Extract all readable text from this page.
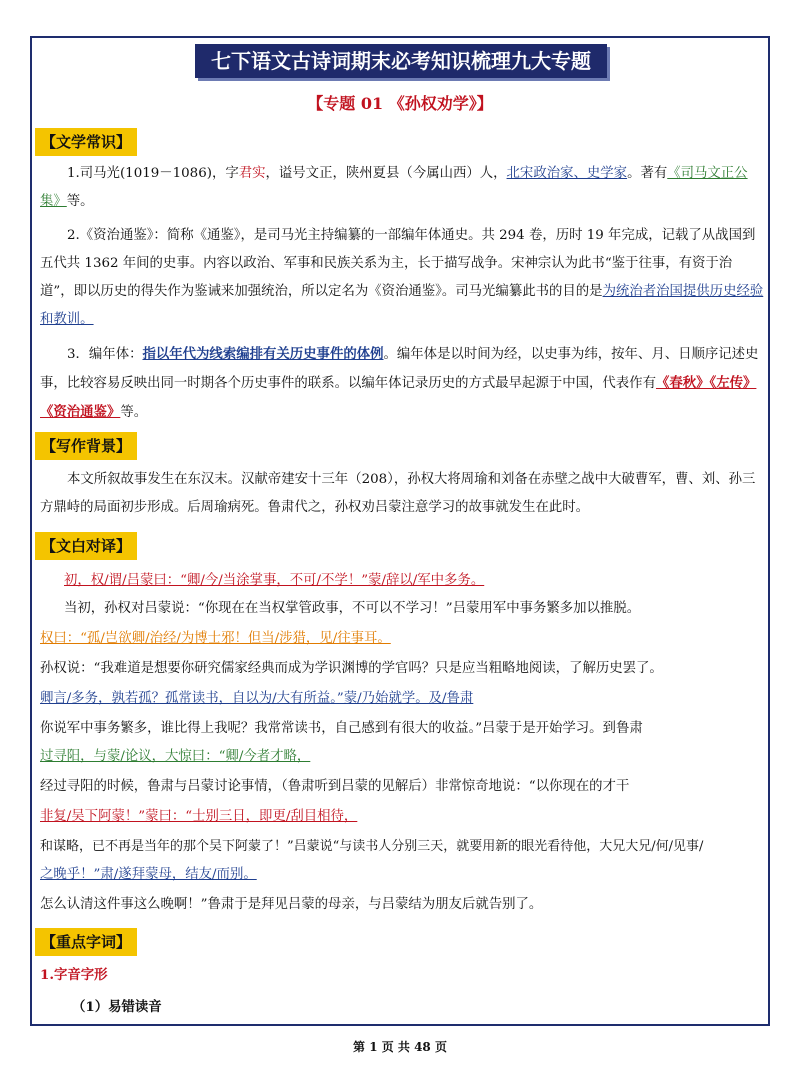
七下语文古诗词期末必考知识梳理九大专题
【专题 01 《孙权劝学》】
【文学常识】
1.司马光(1019－1086)，字君实，谥号文正，陕州夏县（今属山西）人，北宋政治家、史学家。著有《司马文正公集》等。
2.《资治通鉴》：简称《通鉴》，是司马光主持编纂的一部编年体通史。共 294 卷，历时 19 年完成，记载了从战国到五代共 1362 年间的史事。内容以政治、军事和民族关系为主，长于描写战争。宋神宗认为此书“鉴于往事，有资于治道”，即以历史的得失作为鉴诫来加强统治，所以定名为《资治通鉴》。司马光编纂此书的目的是为统治者治国提供历史经验和教训。
3．编年体：指以年代为线索编排有关历史事件的体例。编年体是以时间为经，以史事为纬，按年、月、日顺序记述史事，比较容易反映出同一时期各个历史事件的联系。以编年体记录历史的方式最早起源于中国，代表作有《春秋》《左传》《资治通鉴》等。
【写作背景】
本文所叙故事发生在东汉末。汉献帝建安十三年（208），孙权大将周瑜和刘备在赤壁之战中大破曹军，曹、刘、孙三方鼎峙的局面初步形成。后周瑜病死。鲁肃代之，孙权劝吕蒙注意学习的故事就发生在此时。
【文白对译】
初，权/谓/吕蒙曰：“卿/今/当涂掌事，不可/不学！”蒙/辞以/军中多务。
当初，孙权对吕蒙说：“你现在在当权掌管政事，不可以不学习！”吕蒙用军中事务繁多加以推脱。
权曰：“孤/岂欲卿/治经/为博士邪！但当/涉猎，见/往事耳。
孙权说：“我难道是想要你研究儒家经典而成为学识渊博的学官吗？只是应当粗略地阅读，了解历史罢了。
卿言/多务，孰若孤？孤常读书，自以为/大有所益。”蒙/乃始就学。及/鲁肃
你说军中事务繁多，谁比得上我呢？我常常读书，自己感到有很大的收益。”吕蒙于是开始学习。到鲁肃
过寻阳，与蒙/论议，大惊曰：“卿/今者才略，
经过寻阳的时候，鲁肃与吕蒙讨论事情，（鲁肃听到吕蒙的见解后）非常惊奇地说：“以你现在的才干
非复/吴下阿蒙！”蒙曰：“士别三日，即更/刮目相待，
和谋略，已不再是当年的那个吴下阿蒙了！”吕蒙说“与读书人分别三天，就要用新的眼光看待他，大兄大兄/何/见事/
之晚乎！”肃/遂拜蒙母，结友/而别。
怎么认清这件事这么晚啊！”鲁肃于是拜见吕蒙的母亲，与吕蒙结为朋友后就告别了。
【重点字词】
1.字音字形
（1）易错读音
第 1 页 共 48 页
